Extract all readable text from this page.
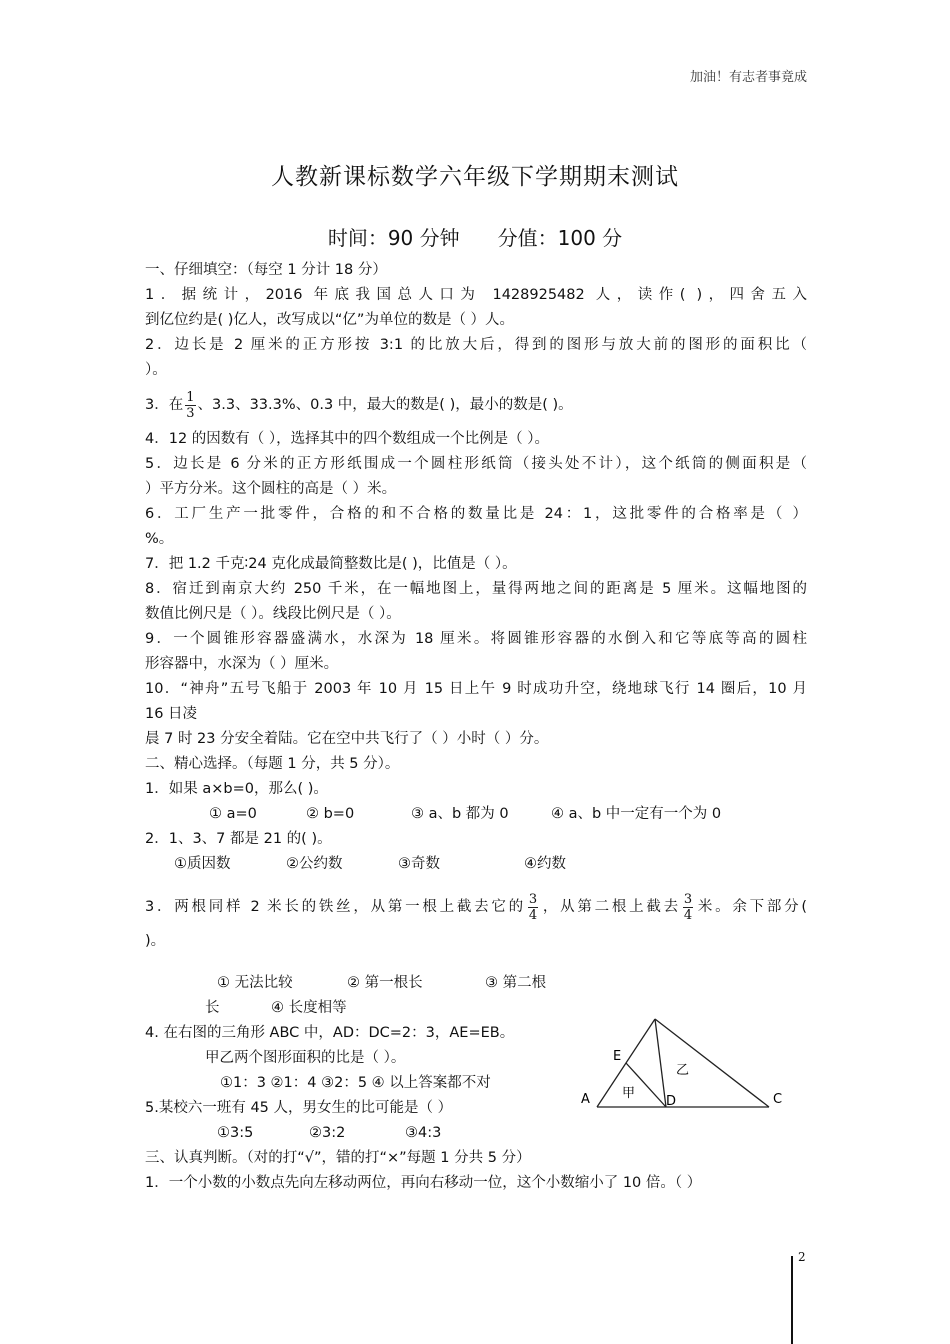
加油！有志者事竟成
人教新课标数学六年级下学期期末测试
时间：90 分钟 分值：100 分
一、仔细填空：（每空 1 分计 18 分）
1．据统计，2016 年底我国总人口为 1428925482 人，读作( )，四舍五入
到亿位约是( )亿人，改写成以“亿”为单位的数是（ ）人。
2．边长是 2 厘米的正方形按 3:1 的比放大后，得到的图形与放大前的图形的面积比（
）。
3．在 $\frac{1}{3}$ 、3.3、33.3%、0.3 中，最大的数是( )，最小的数是( )。
4．12 的因数有（ ），选择其中的四个数组成一个比例是（ ）。
5．边长是 6 分米的正方形纸围成一个圆柱形纸筒（接头处不计），这个纸筒的侧面积是（
）平方分米。这个圆柱的高是（ ）米。
6．工厂生产一批零件，合格的和不合格的数量比是 24：1，这批零件的合格率是（ ）
%。
7．把 1.2 千克∶24 克化成最简整数比是( )，比值是（ ）。
8．宿迁到南京大约 250 千米，在一幅地图上，量得两地之间的距离是 5 厘米。这幅地图的
数值比例尺是（ ）。线段比例尺是（ ）。
9．一个圆锥形容器盛满水，水深为 18 厘米。将圆锥形容器的水倒入和它等底等高的圆柱
形容器中，水深为（ ）厘米。
10．“神舟”五号飞船于 2003 年 10 月 15 日上午 9 时成功升空，绕地球飞行 14 圈后，10 月
16 日凌
晨 7 时 23 分安全着陆。它在空中共飞行了（ ）小时（ ）分。
二、精心选择。（每题 1 分，共 5 分）。
1．如果 a×b=0，那么( )。
① a=0	② b=0	③ a、b 都为 0	④ a、b 中一定有一个为 0
2．1、3、7 都是 21 的( )。
①质因数	②公约数	③奇数	④约数
3．两根同样 2 米长的铁丝，从第一根上截去它的 $\frac{3}{4}$ ，从第二根上截去 $\frac{3}{4}$ 米。余下部分(
)。
① 无法比较	② 第一根长	③ 第二根
长	④ 长度相等
4. 在右图的三角形 ABC 中，AD：DC=2：3，AE=EB。
甲乙两个图形面积的比是（ ）。
①1：3 ②1：4 ③2：5 ④ 以上答案都不对
5.某校六一班有 45 人，男女生的比可能是（ ）
①3:5	②3:2	③4:3
三、认真判断。（对的打“√”，错的打“×”每题 1 分共 5 分）
1．一个小数的小数点先向左移动两位，再向右移动一位，这个小数缩小了 10 倍。（ ）
A	C
D
E
甲
乙
2
